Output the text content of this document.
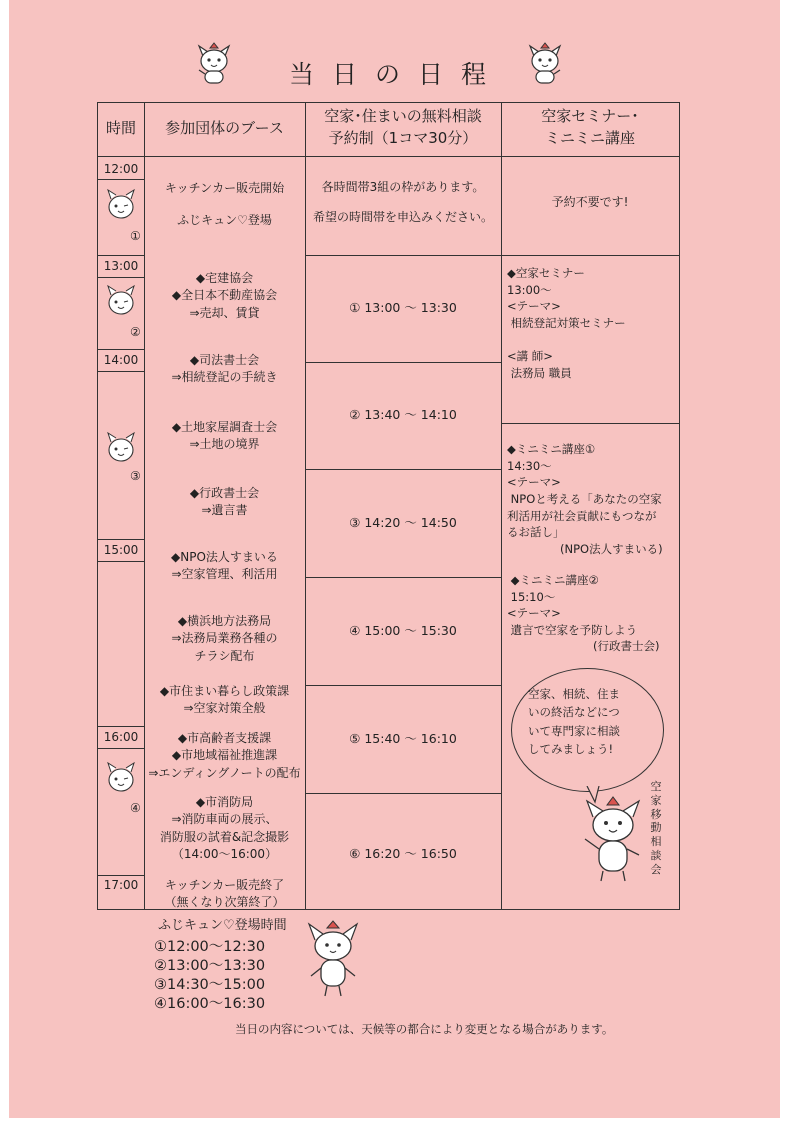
当日の日程
時間	参加団体のブース
空家･住まいの無料相談
予約制（1コマ30分）
空家セミナー･
ミニミニ講座
12:00
13:00
14:00
15:00
16:00
17:00
①
②
③
④
キッチンカー販売開始
ふじキュン♡登場
◆宅建協会
◆全日本不動産協会
⇒売却、賃貸
◆司法書士会
⇒相続登記の手続き
◆土地家屋調査士会
⇒土地の境界
◆行政書士会
⇒遺言書
◆NPO法人すまいる
⇒空家管理、利活用
◆横浜地方法務局
⇒法務局業務各種の
チラシ配布
◆市住まい暮らし政策課
⇒空家対策全般
◆市高齢者支援課
◆市地域福祉推進課
⇒エンディングノートの配布
◆市消防局
⇒消防車両の展示、
消防服の試着&記念撮影
（14:00～16:00）
キッチンカー販売終了
（無くなり次第終了）
各時間帯3組の枠があります。

希望の時間帯を申込みください。
① 13:00 ～ 13:30
② 13:40 ～ 14:10
③ 14:20 ～ 14:50
④ 15:00 ～ 15:30
⑤ 15:40 ～ 16:10
⑥ 16:20 ～ 16:50
予約不要です!
◆空家セミナー
13:00～
<テーマ>
相続登記対策セミナー

<講 師>
法務局 職員
◆ミニミニ講座①
14:30～
<テーマ>
NPOと考える「あなたの空家
利活用が社会貢献にもつなが
るお話し」
(NPO法人すまいる)
◆ミニミニ講座②
15:10～
<テーマ>
遺言で空家を予防しよう
(行政書士会)
空家、相続、住ま
いの終活などにつ
いて専門家に相談
してみましょう!
空家移動相談会
ふじキュン♡登場時間
①12:00～12:30
②13:00～13:30
③14:30～15:00
④16:00～16:30
当日の内容については、天候等の都合により変更となる場合があります。
